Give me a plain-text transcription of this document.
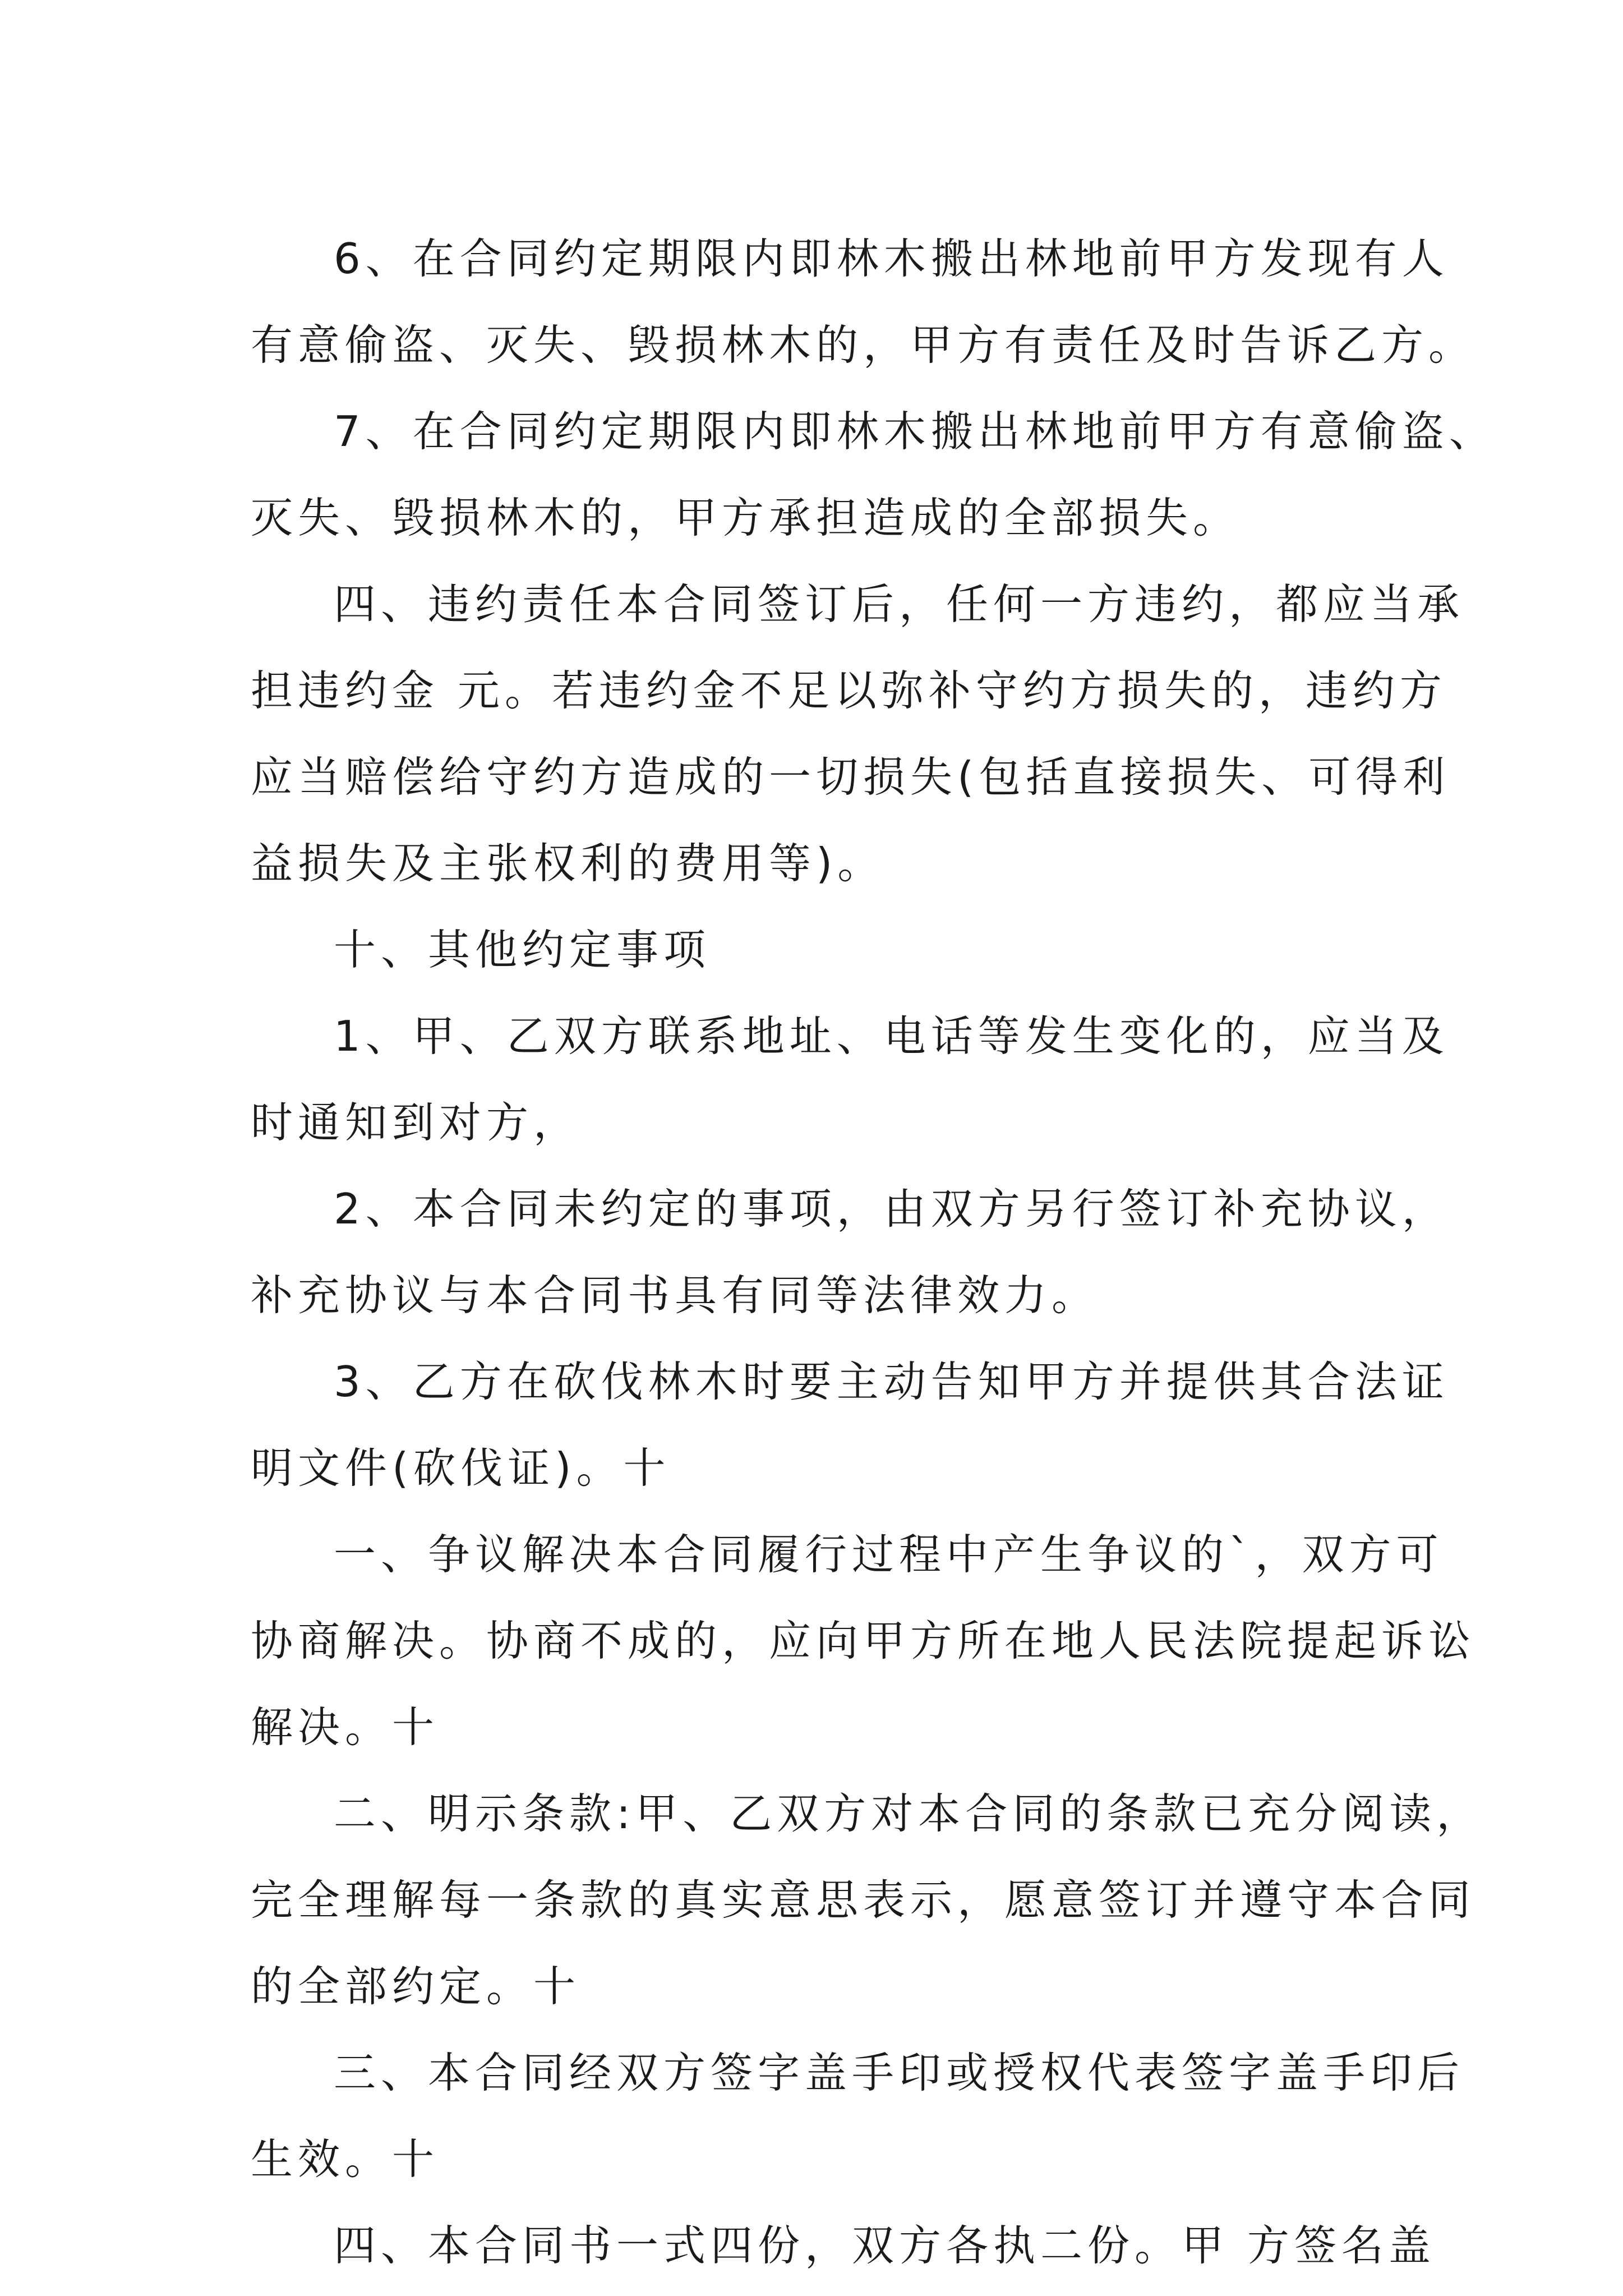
6、在合同约定期限内即林木搬出林地前甲方发现有人
有意偷盗、灭失、毁损林木的，甲方有责任及时告诉乙方。
7、在合同约定期限内即林木搬出林地前甲方有意偷盗、
灭失、毁损林木的，甲方承担造成的全部损失。
四、违约责任本合同签订后，任何一方违约，都应当承
担违约金 元。若违约金不足以弥补守约方损失的，违约方
应当赔偿给守约方造成的一切损失(包括直接损失、可得利
益损失及主张权利的费用等)。
十、其他约定事项
1、甲、乙双方联系地址、电话等发生变化的，应当及
时通知到对方，
2、本合同未约定的事项，由双方另行签订补充协议，
补充协议与本合同书具有同等法律效力。
3、乙方在砍伐林木时要主动告知甲方并提供其合法证
明文件(砍伐证)。十
一、争议解决本合同履行过程中产生争议的`，双方可
协商解决。协商不成的，应向甲方所在地人民法院提起诉讼
解决。十
二、明示条款:甲、乙双方对本合同的条款已充分阅读，
完全理解每一条款的真实意思表示，愿意签订并遵守本合同
的全部约定。十
三、本合同经双方签字盖手印或授权代表签字盖手印后
生效。十
四、本合同书一式四份，双方各执二份。甲 方签名盖
